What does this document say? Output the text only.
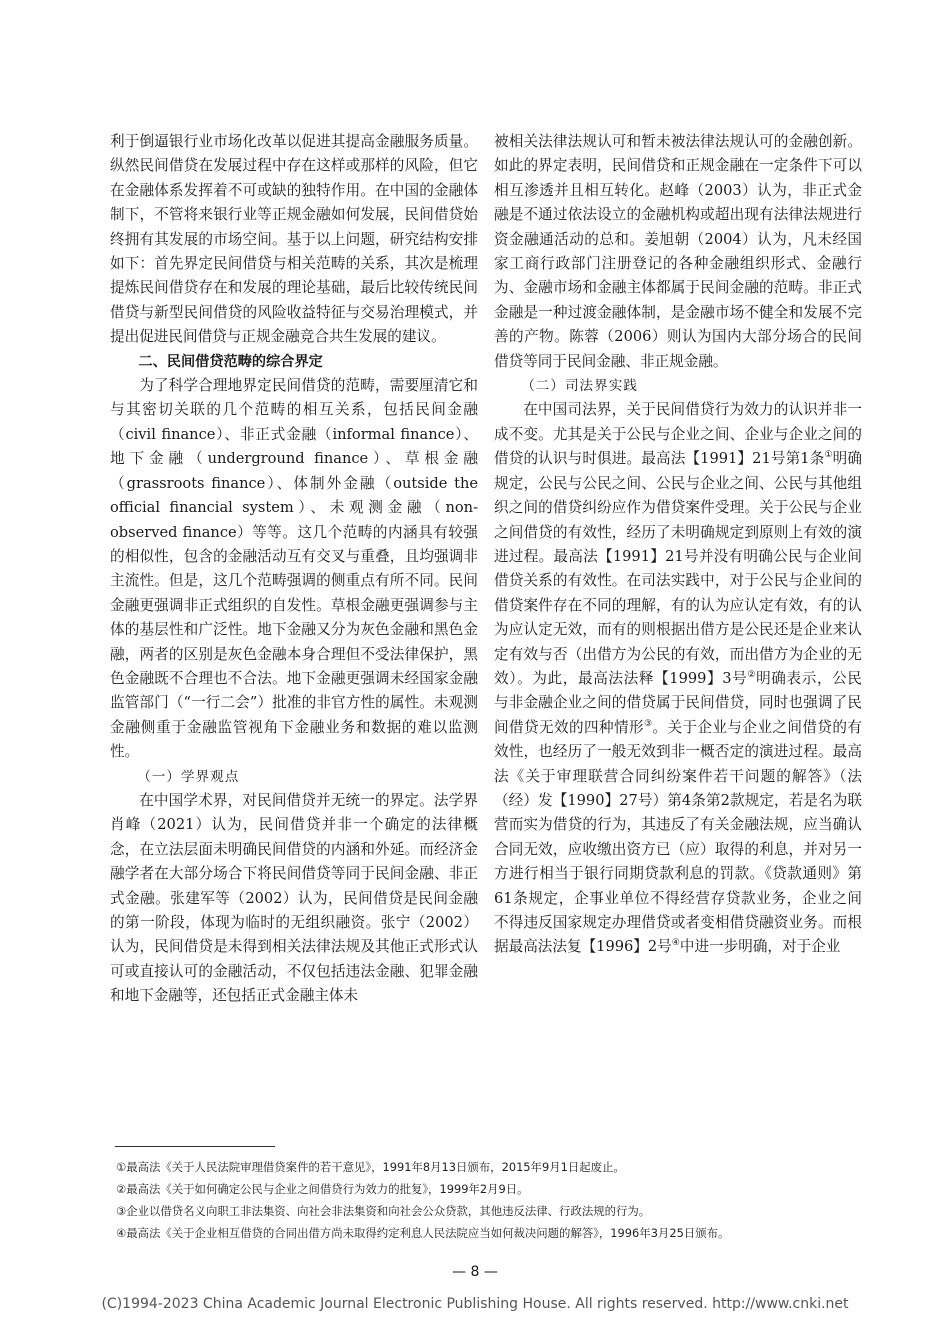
利于倒逼银行业市场化改革以促进其提高金融服务质量。纵然民间借贷在发展过程中存在这样或那样的风险，但它在金融体系发挥着不可或缺的独特作用。在中国的金融体制下，不管将来银行业等正规金融如何发展，民间借贷始终拥有其发展的市场空间。基于以上问题，研究结构安排如下：首先界定民间借贷与相关范畴的关系，其次是梳理提炼民间借贷存在和发展的理论基础，最后比较传统民间借贷与新型民间借贷的风险收益特征与交易治理模式，并提出促进民间借贷与正规金融竞合共生发展的建议。

二、民间借贷范畴的综合界定

为了科学合理地界定民间借贷的范畴，需要厘清它和与其密切关联的几个范畴的相互关系，包括民间金融（civil finance）、非正式金融（informal finance）、地下金融（underground finance）、草根金融（grassroots finance）、体制外金融（outside the official financial system）、未观测金融（non-observed finance）等等。这几个范畴的内涵具有较强的相似性，包含的金融活动互有交叉与重叠，且均强调非主流性。但是，这几个范畴强调的侧重点有所不同。民间金融更强调非正式组织的自发性。草根金融更强调参与主体的基层性和广泛性。地下金融又分为灰色金融和黑色金融，两者的区别是灰色金融本身合理但不受法律保护，黑色金融既不合理也不合法。地下金融更强调未经国家金融监管部门（“一行二会”）批准的非官方性的属性。未观测金融侧重于金融监管视角下金融业务和数据的难以监测性。

（一）学界观点

在中国学术界，对民间借贷并无统一的界定。法学界肖峰（2021）认为，民间借贷并非一个确定的法律概念，在立法层面未明确民间借贷的内涵和外延。而经济金融学者在大部分场合下将民间借贷等同于民间金融、非正式金融。张建军等（2002）认为，民间借贷是民间金融的第一阶段，体现为临时的无组织融资。张宁（2002）认为，民间借贷是未得到相关法律法规及其他正式形式认可或直接认可的金融活动，不仅包括违法金融、犯罪金融和地下金融等，还包括正式金融主体未

被相关法律法规认可和暂未被法律法规认可的金融创新。如此的界定表明，民间借贷和正规金融在一定条件下可以相互渗透并且相互转化。赵峰（2003）认为，非正式金融是不通过依法设立的金融机构或超出现有法律法规进行资金融通活动的总和。姜旭朝（2004）认为，凡未经国家工商行政部门注册登记的各种金融组织形式、金融行为、金融市场和金融主体都属于民间金融的范畴。非正式金融是一种过渡金融体制，是金融市场不健全和发展不完善的产物。陈蓉（2006）则认为国内大部分场合的民间借贷等同于民间金融、非正规金融。

（二）司法界实践

在中国司法界，关于民间借贷行为效力的认识并非一成不变。尤其是关于公民与企业之间、企业与企业之间的借贷的认识与时俱进。最高法【1991】21号第1条①明确规定，公民与公民之间、公民与企业之间、公民与其他组织之间的借贷纠纷应作为借贷案件受理。关于公民与企业之间借贷的有效性，经历了未明确规定到原则上有效的演进过程。最高法【1991】21号并没有明确公民与企业间借贷关系的有效性。在司法实践中，对于公民与企业间的借贷案件存在不同的理解，有的认为应认定有效，有的认为应认定无效，而有的则根据出借方是公民还是企业来认定有效与否（出借方为公民的有效，而出借方为企业的无效）。为此，最高法法释【1999】3号②明确表示，公民与非金融企业之间的借贷属于民间借贷，同时也强调了民间借贷无效的四种情形③。关于企业与企业之间借贷的有效性，也经历了一般无效到非一概否定的演进过程。最高法《关于审理联营合同纠纷案件若干问题的解答》（法（经）发【1990】27号）第4条第2款规定，若是名为联营而实为借贷的行为，其违反了有关金融法规，应当确认合同无效，应收缴出资方已（应）取得的利息，并对另一方进行相当于银行同期贷款利息的罚款。《贷款通则》第61条规定，企事业单位不得经营存贷款业务，企业之间不得违反国家规定办理借贷或者变相借贷融资业务。而根据最高法法复【1996】2号④中进一步明确，对于企业

①最高法《关于人民法院审理借贷案件的若干意见》，1991年8月13日颁布，2015年9月1日起废止。
②最高法《关于如何确定公民与企业之间借贷行为效力的批复》，1999年2月9日。
③企业以借贷名义向职工非法集资、向社会非法集资和向社会公众贷款，其他违反法律、行政法规的行为。
④最高法《关于企业相互借贷的合同出借方尚未取得约定利息人民法院应当如何裁决问题的解答》，1996年3月25日颁布。
— 8 —
(C)1994-2023 China Academic Journal Electronic Publishing House. All rights reserved. http://www.cnki.net
